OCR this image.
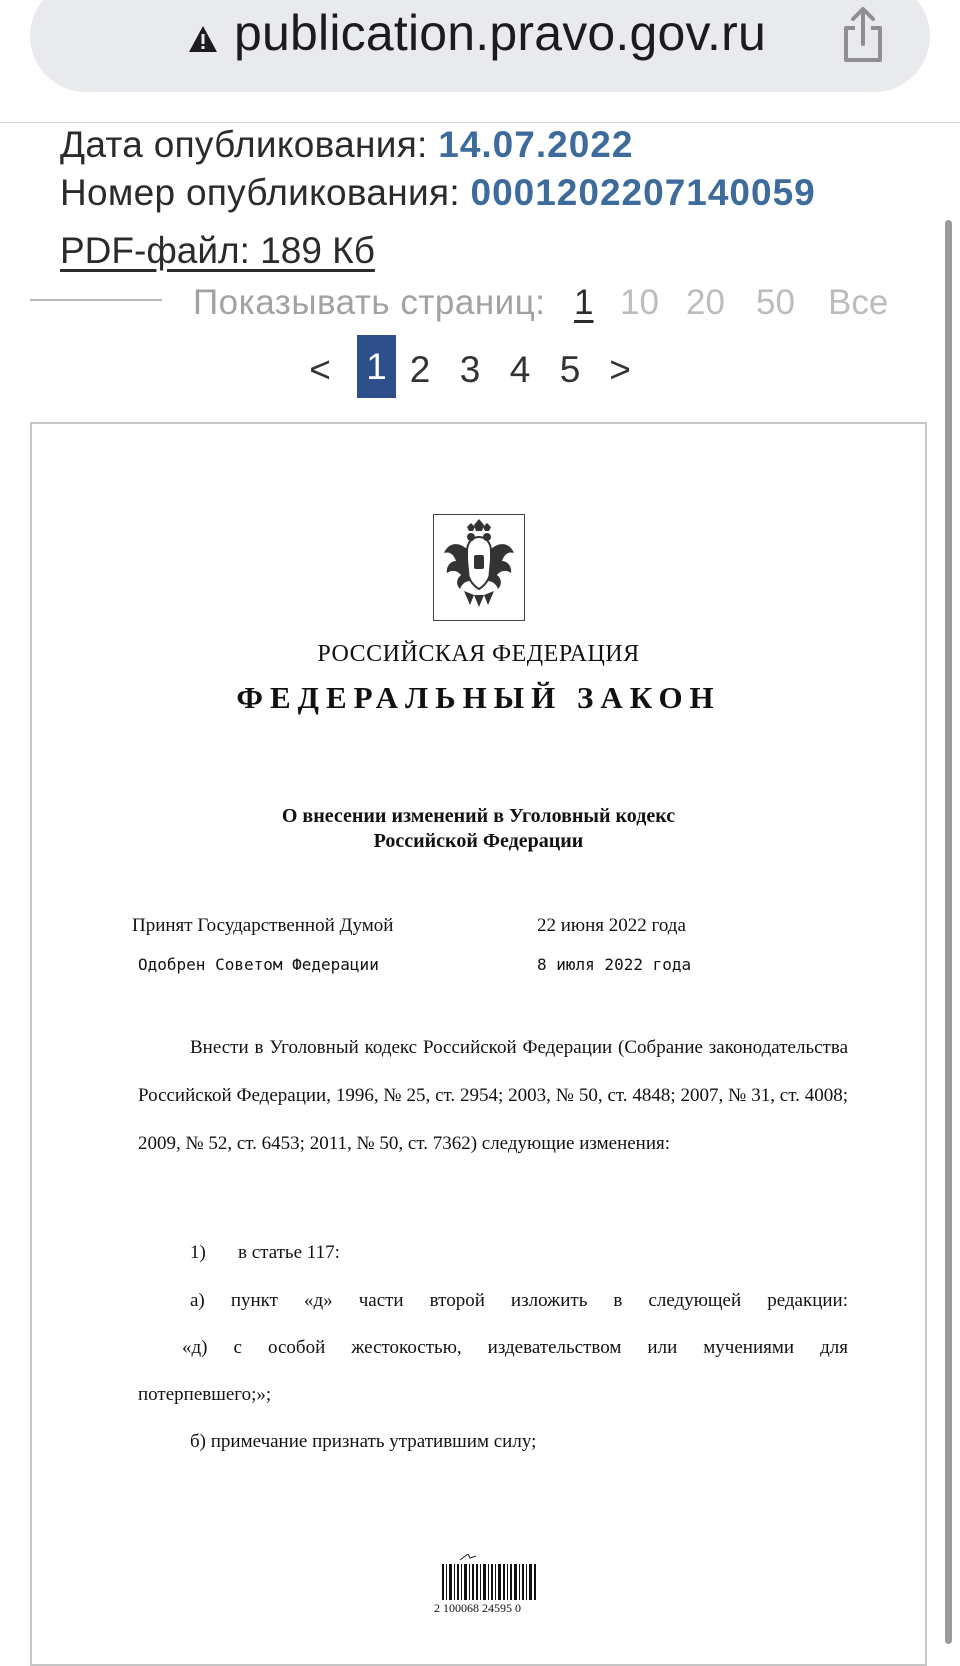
publication.pravo.gov.ru
Дата опубликования: 14.07.2022
Номер опубликования: 0001202207140059
PDF-файл: 189 Кб
Показывать страниц: 1 10 20 50 Все
< 1 2 3 4 5 >
РОССИЙСКАЯ ФЕДЕРАЦИЯ
ФЕДЕРАЛЬНЫЙ ЗАКОН
О внесении изменений в Уголовный кодекс
Российской Федерации
Принят Государственной Думой	22 июня 2022 года
Одобрен Советом Федерации	8 июля 2022 года
Внести в Уголовный кодекс Российской Федерации (Собрание законодательства Российской Федерации, 1996, № 25, ст. 2954; 2003, № 50, ст. 4848; 2007, № 31, ст. 4008; 2009, № 52, ст. 6453; 2011, № 50, ст. 7362) следующие изменения:
1) в статье 117:
а) пункт «д» части второй изложить в следующей редакции:
«д) с особой жестокостью, издевательством или мучениями для
потерпевшего;»;
б) примечание признать утратившим силу;
2 100068 24595 0
